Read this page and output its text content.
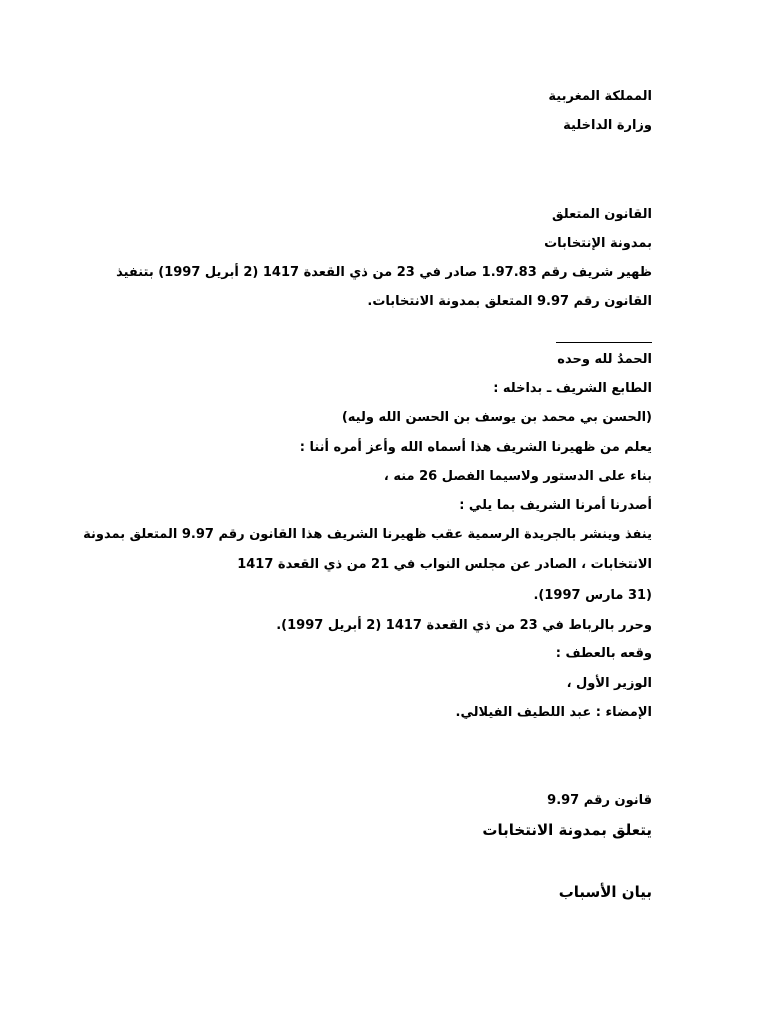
المملكة المغربية
وزارة الداخلية
القانون المتعلق
بمدونة الإنتخابات
ظهير شريف رقم 1.97.83 صادر في 23 من ذي القعدة 1417 (2 أبريل 1997) بتنفيذ
القانون رقم 9.97 المتعلق بمدونة الانتخابات.
الحمدُ لله وحده
الطابع الشريف ـ بداخله :
(الحسن بي محمد بن يوسف بن الحسن الله وليه)
يعلم من ظهيرنا الشريف هذا أسماه الله وأعز أمره أننا :
بناء على الدستور ولاسيما الفصل 26 منه ،
أصدرنا أمرنا الشريف بما يلي :
ينفذ وينشر بالجريدة الرسمية عقب ظهيرنا الشريف هذا القانون رقم 9.97 المتعلق بمدونة
الانتخابات ، الصادر عن مجلس النواب في 21 من ذي القعدة 1417
(31 مارس 1997).
وحرر بالرباط في 23 من ذي القعدة 1417 (2 أبريل 1997).
وقعه بالعطف :
الوزير الأول ،
الإمضاء : عبد اللطيف الفيلالي.
قانون رقم 9.97
يتعلق بمدونة الانتخابات
بيان الأسباب
